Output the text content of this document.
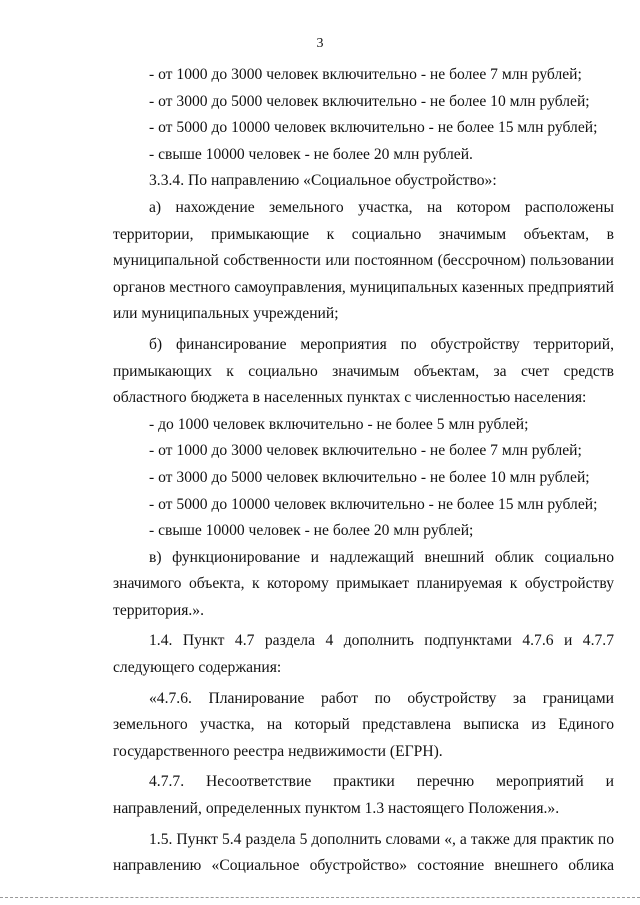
3

- от 1000 до 3000 человек включительно - не более 7 млн рублей;

- от 3000 до 5000 человек включительно - не более 10 млн рублей;

- от 5000 до 10000 человек включительно - не более 15 млн рублей;

- свыше 10000 человек - не более 20 млн рублей.

3.3.4. По направлению «Социальное обустройство»:

а) нахождение земельного участка, на котором расположены территории, примыкающие к социально значимым объектам, в муниципальной собственности или постоянном (бессрочном) пользовании органов местного самоуправления, муниципальных казенных предприятий или муниципальных учреждений;

б) финансирование мероприятия по обустройству территорий, примыкающих к социально значимым объектам, за счет средств областного бюджета в населенных пунктах с численностью населения:

- до 1000 человек включительно - не более 5 млн рублей;

- от 1000 до 3000 человек включительно - не более 7 млн рублей;

- от 3000 до 5000 человек включительно - не более 10 млн рублей;

- от 5000 до 10000 человек включительно - не более 15 млн рублей;

- свыше 10000 человек - не более 20 млн рублей;

в) функционирование и надлежащий внешний облик социально значимого объекта, к которому примыкает планируемая к обустройству территория.».

1.4. Пункт 4.7 раздела 4 дополнить подпунктами 4.7.6 и 4.7.7 следующего содержания:

«4.7.6. Планирование работ по обустройству за границами земельного участка, на который представлена выписка из Единого государственного реестра недвижимости (ЕГРН).

4.7.7. Несоответствие практики перечню мероприятий и направлений, определенных пунктом 1.3 настоящего Положения.».

1.5. Пункт 5.4 раздела 5 дополнить словами «, а также для практик по направлению «Социальное обустройство» состояние внешнего облика
